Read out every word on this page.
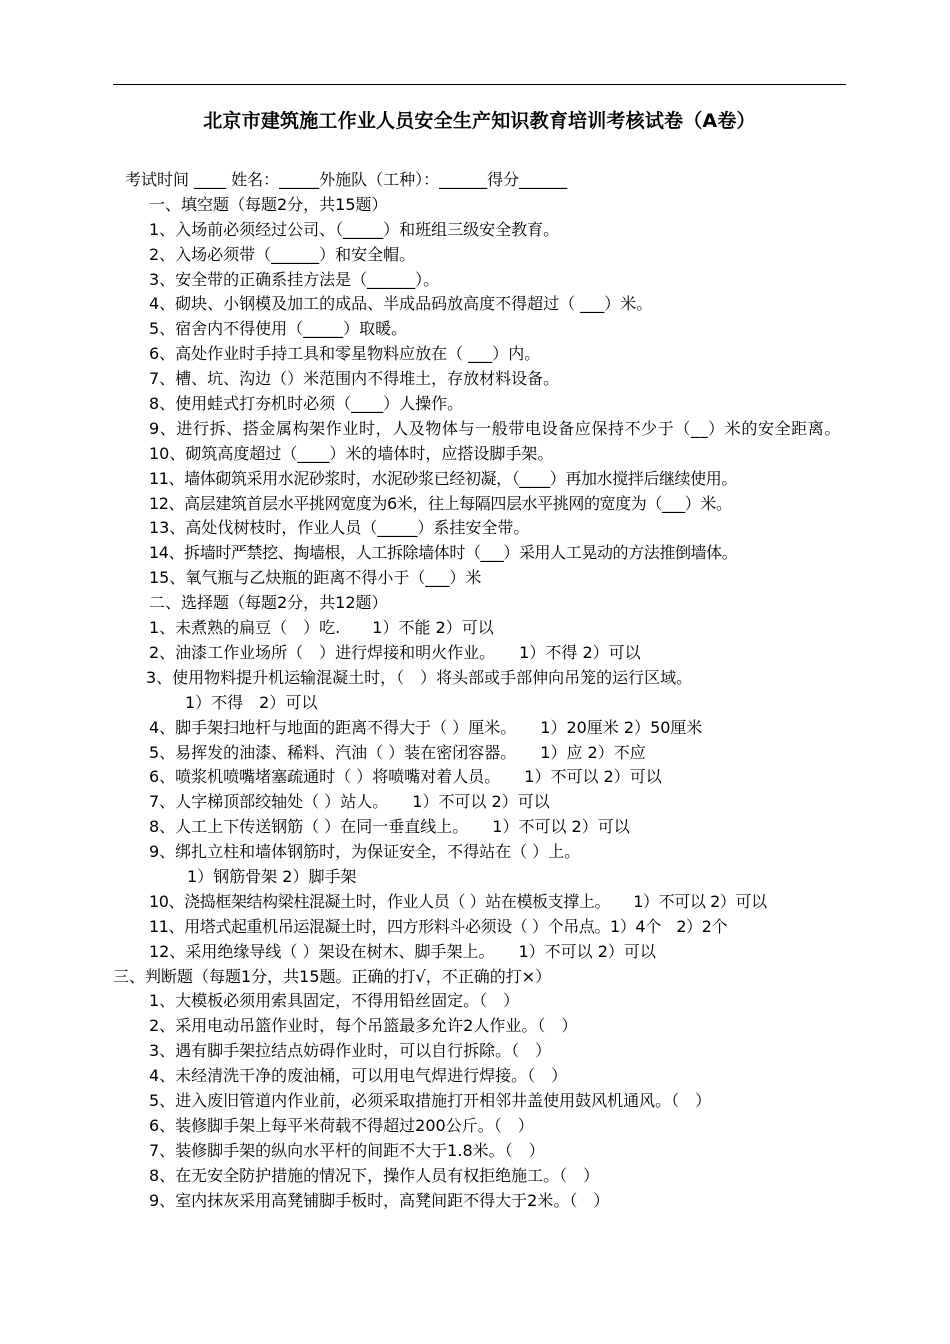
北京市建筑施工作业人员安全生产知识教育培训考核试卷（A卷）
考试时间 ____ 姓名：_____外施队（工种）：______得分______
一、填空题（每题2分，共15题）
1、入场前必须经过公司、（_____）和班组三级安全教育。
2、入场必须带（______）和安全帽。
3、安全带的正确系挂方法是（______）。
4、砌块、小钢模及加工的成品、半成品码放高度不得超过（ ___）米。
5、宿舍内不得使用（_____）取暖。
6、高处作业时手持工具和零星物料应放在（ ___）内。
7、槽、坑、沟边（）米范围内不得堆土，存放材料设备。
8、使用蛙式打夯机时必须（____）人操作。
9、进行拆、搭金属构架作业时，人及物体与一般带电设备应保持不少于（__）米的安全距离。
10、砌筑高度超过（____）米的墙体时，应搭设脚手架。
11、墙体砌筑采用水泥砂浆时，水泥砂浆已经初凝，（____）再加水搅拌后继续使用。
12、高层建筑首层水平挑网宽度为6米，往上每隔四层水平挑网的宽度为（___）米。
13、高处伐树枝时，作业人员（_____）系挂安全带。
14、拆墙时严禁挖、掏墙根，人工拆除墙体时（___）采用人工晃动的方法推倒墙体。
15、氧气瓶与乙炔瓶的距离不得小于（___）米
二、选择题（每题2分，共12题）
1、未煮熟的扁豆（　）吃.　　1）不能 2）可以
2、油漆工作业场所（　）进行焊接和明火作业。　　1）不得 2）可以
3、使用物料提升机运输混凝土时，（　）将头部或手部伸向吊笼的运行区域。
1）不得　2）可以
4、脚手架扫地杆与地面的距离不得大于（ ）厘米。　　1）20厘米 2）50厘米
5、易挥发的油漆、稀料、汽油（ ）装在密闭容器。　　1）应 2）不应
6、喷浆机喷嘴堵塞疏通时（ ）将喷嘴对着人员。　　1）不可以 2）可以
7、人字梯顶部绞轴处（ ）站人。　　1）不可以 2）可以
8、人工上下传送钢筋（ ）在同一垂直线上。　　1）不可以 2）可以
9、绑扎立柱和墙体钢筋时，为保证安全，不得站在（ ）上。
1）钢筋骨架 2）脚手架
10、浇捣框架结构梁柱混凝土时，作业人员（ ）站在模板支撑上。　　1）不可以 2）可以
11、用塔式起重机吊运混凝土时，四方形料斗必须设（ ）个吊点。1）4个　2）2个
12、采用绝缘导线（ ）架设在树木、脚手架上。　　1）不可以 2）可以
三、判断题（每题1分，共15题。正确的打√，不正确的打×）
1、大模板必须用索具固定，不得用铅丝固定。（　）
2、采用电动吊篮作业时，每个吊篮最多允许2人作业。（　）
3、遇有脚手架拉结点妨碍作业时，可以自行拆除。（　）
4、未经清洗干净的废油桶，可以用电气焊进行焊接。（　）
5、进入废旧管道内作业前，必须采取措施打开相邻井盖使用鼓风机通风。（　）
6、装修脚手架上每平米荷载不得超过200公斤。（　）
7、装修脚手架的纵向水平杆的间距不大于1.8米。（　）
8、在无安全防护措施的情况下，操作人员有权拒绝施工。（　）
9、室内抹灰采用高凳铺脚手板时，高凳间距不得大于2米。（　）
